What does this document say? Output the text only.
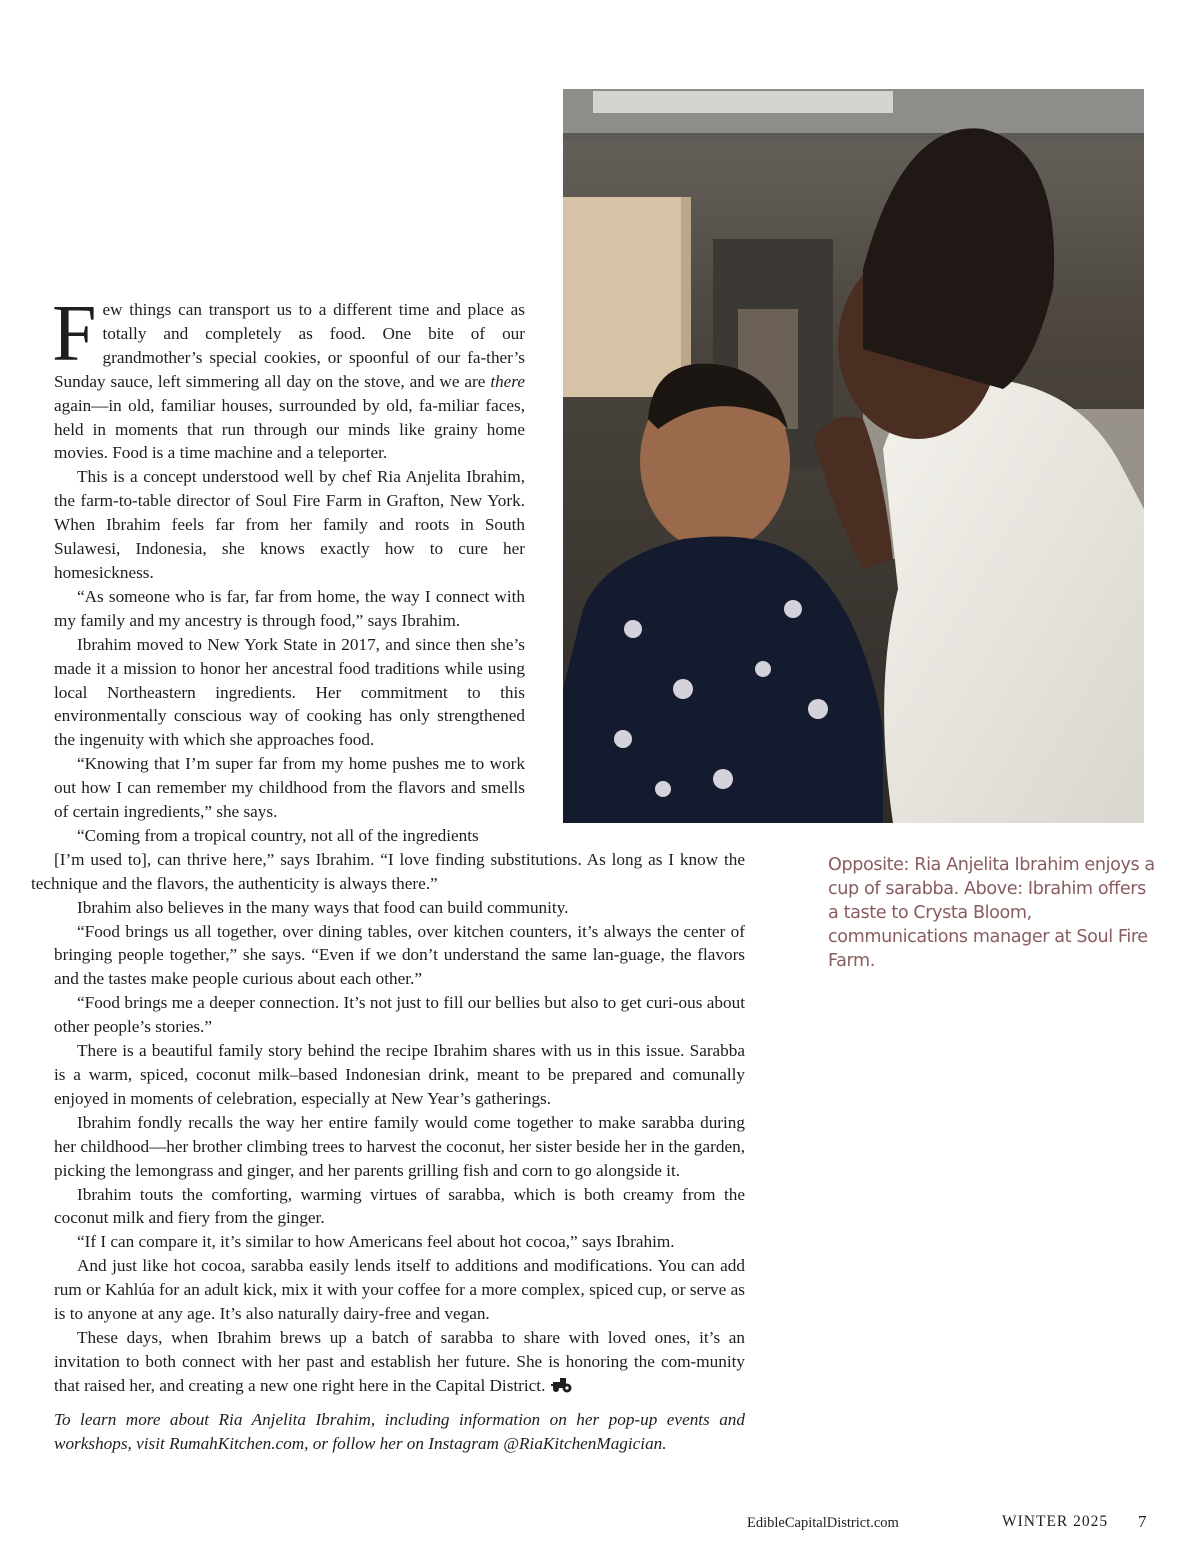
Opposite: Ria Anjelita Ibrahim enjoys a cup of sarabba. Above: Ibrahim offers a taste to Crysta Bloom, communications manager at Soul Fire Farm.

Few things can transport us to a different time and place as totally and completely as food. One bite of our grandmother’s special cookies, or spoonful of our fa-ther’s Sunday sauce, left simmering all day on the stove, and we are there again—in old, familiar houses, surrounded by old, fa-miliar faces, held in moments that run through our minds like grainy home movies. Food is a time machine and a teleporter.

This is a concept understood well by chef Ria Anjelita Ibrahim, the farm-to-table director of Soul Fire Farm in Grafton, New York. When Ibrahim feels far from her family and roots in South Sulawesi, Indonesia, she knows exactly how to cure her homesickness.

“As someone who is far, far from home, the way I connect with my family and my ancestry is through food,” says Ibrahim.

Ibrahim moved to New York State in 2017, and since then she’s made it a mission to honor her ancestral food traditions while using local Northeastern ingredients. Her commitment to this environmentally conscious way of cooking has only strengthened the ingenuity with which she approaches food.

“Knowing that I’m super far from my home pushes me to work out how I can remember my childhood from the flavors and smells of certain ingredients,” she says.

“Coming from a tropical country, not all of the ingredients

[I’m used to], can thrive here,” says Ibrahim. “I love finding substitutions. As long as I know the technique and the flavors, the authenticity is always there.”

Ibrahim also believes in the many ways that food can build community.

“Food brings us all together, over dining tables, over kitchen counters, it’s always the center of bringing people together,” she says. “Even if we don’t understand the same lan-guage, the flavors and the tastes make people curious about each other.”

“Food brings me a deeper connection. It’s not just to fill our bellies but also to get curi-ous about other people’s stories.”

There is a beautiful family story behind the recipe Ibrahim shares with us in this issue. Sarabba is a warm, spiced, coconut milk–based Indonesian drink, meant to be prepared and comunally enjoyed in moments of celebration, especially at New Year’s gatherings.

Ibrahim fondly recalls the way her entire family would come together to make sarabba during her childhood—her brother climbing trees to harvest the coconut, her sister beside her in the garden, picking the lemongrass and ginger, and her parents grilling fish and corn to go alongside it.

Ibrahim touts the comforting, warming virtues of sarabba, which is both creamy from the coconut milk and fiery from the ginger.

“If I can compare it, it’s similar to how Americans feel about hot cocoa,” says Ibrahim.

And just like hot cocoa, sarabba easily lends itself to additions and modifications. You can add rum or Kahlúa for an adult kick, mix it with your coffee for a more complex, spiced cup, or serve as is to anyone at any age. It’s also naturally dairy-free and vegan.

These days, when Ibrahim brews up a batch of sarabba to share with loved ones, it’s an invitation to both connect with her past and establish her future. She is honoring the com-munity that raised her, and creating a new one right here in the Capital District.

To learn more about Ria Anjelita Ibrahim, including information on her pop-up events and workshops, visit RumahKitchen.com, or follow her on Instagram @RiaKitchenMagician.

EdibleCapitalDistrict.com	WINTER 2025 7
